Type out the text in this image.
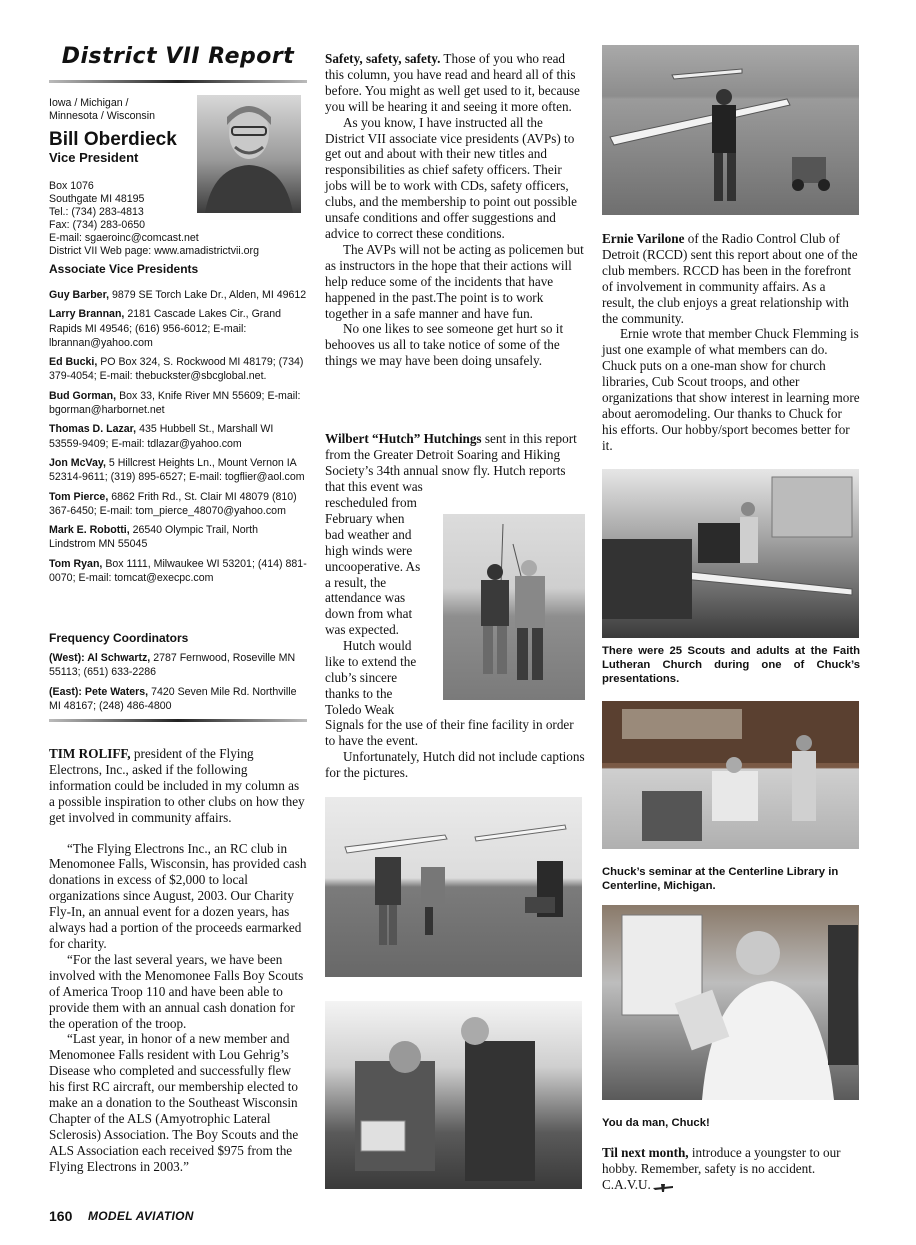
District VII Report
Iowa / Michigan /
Minnesota / Wisconsin
Bill Oberdieck
Vice President
Box 1076
Southgate MI 48195
Tel.: (734) 283-4813
Fax: (734) 283-0650
E-mail: sgaeroinc@comcast.net
District VII Web page: www.amadistrictvii.org
Associate Vice Presidents

Guy Barber, 9879 SE Torch Lake Dr., Alden, MI 49612

Larry Brannan, 2181 Cascade Lakes Cir., Grand Rapids MI 49546; (616) 956-6012; E-mail: lbrannan@yahoo.com

Ed Bucki, PO Box 324, S. Rockwood MI 48179; (734) 379-4054; E-mail: thebuckster@sbcglobal.net.

Bud Gorman, Box 33, Knife River MN 55609; E-mail: bgorman@harbornet.net

Thomas D. Lazar, 435 Hubbell St., Marshall WI 53559-9409; E-mail: tdlazar@yahoo.com

Jon McVay, 5 Hillcrest Heights Ln., Mount Vernon IA 52314-9611; (319) 895-6527; E-mail: togflier@aol.com

Tom Pierce, 6862 Frith Rd., St. Clair MI 48079 (810) 367-6450; E-mail: tom_pierce_48070@yahoo.com

Mark E. Robotti, 26540 Olympic Trail, North Lindstrom MN 55045

Tom Ryan, Box 1111, Milwaukee WI 53201; (414) 881-0070; E-mail: tomcat@execpc.com

Frequency Coordinators

(West): Al Schwartz, 2787 Fernwood, Roseville MN 55113; (651) 633-2286

(East): Pete Waters, 7420 Seven Mile Rd. Northville MI 48167; (248) 486-4800

TIM ROLIFF, president of the Flying Electrons, Inc., asked if the following information could be included in my column as a possible inspiration to other clubs on how they get involved in community affairs.

“The Flying Electrons Inc., an RC club in Menomonee Falls, Wisconsin, has provided cash donations in excess of $2,000 to local organizations since August, 2003. Our Charity Fly-In, an annual event for a dozen years, has always had a portion of the proceeds earmarked for charity.

“For the last several years, we have been involved with the Menomonee Falls Boy Scouts of America Troop 110 and have been able to provide them with an annual cash donation for the operation of the troop.

“Last year, in honor of a new member and Menomonee Falls resident with Lou Gehrig’s Disease who completed and successfully flew his first RC aircraft, our membership elected to make an a donation to the Southeast Wisconsin Chapter of the ALS (Amyotrophic Lateral Sclerosis) Association. The Boy Scouts and the ALS Association each received $975 from the Flying Electrons in 2003.”

Safety, safety, safety. Those of you who read this column, you have read and heard all of this before. You might as well get used to it, because you will be hearing it and seeing it more often.

As you know, I have instructed all the District VII associate vice presidents (AVPs) to get out and about with their new titles and responsibilities as chief safety officers. Their jobs will be to work with CDs, safety officers, clubs, and the membership to point out possible unsafe conditions and offer suggestions and advice to correct these conditions.

The AVPs will not be acting as policemen but as instructors in the hope that their actions will help reduce some of the incidents that have happened in the past.The point is to work together in a safe manner and have fun.

No one likes to see someone get hurt so it behooves us all to take notice of some of the things we may have been doing unsafely.

Wilbert “Hutch” Hutchings sent in this report from the Greater Detroit Soaring and Hiking Society’s 34th annual snow fly. Hutch reports that this event was

rescheduled from
February when
bad weather and
high winds were
uncooperative. As
a result, the
attendance was
down from what
was expected.
Hutch would
like to extend the
club’s sincere
thanks to the
Toledo Weak

Signals for the use of their fine facility in order to have the event.

Unfortunately, Hutch did not include captions for the pictures.

Ernie Varilone of the Radio Control Club of Detroit (RCCD) sent this report about one of the club members. RCCD has been in the forefront of involvement in community affairs. As a result, the club enjoys a great relationship with the community.

Ernie wrote that member Chuck Flemming is just one example of what members can do. Chuck puts on a one-man show for church libraries, Cub Scout troops, and other organizations that show interest in learning more about aeromodeling. Our thanks to Chuck for his efforts. Our hobby/sport becomes better for it.

There were 25 Scouts and adults at the Faith Lutheran Church during one of Chuck’s presentations.
Chuck’s seminar at the Centerline Library in Centerline, Michigan.
You da man, Chuck!

Til next month, introduce a youngster to our hobby. Remember, safety is no accident. C.A.V.U.

160 MODEL AVIATION
